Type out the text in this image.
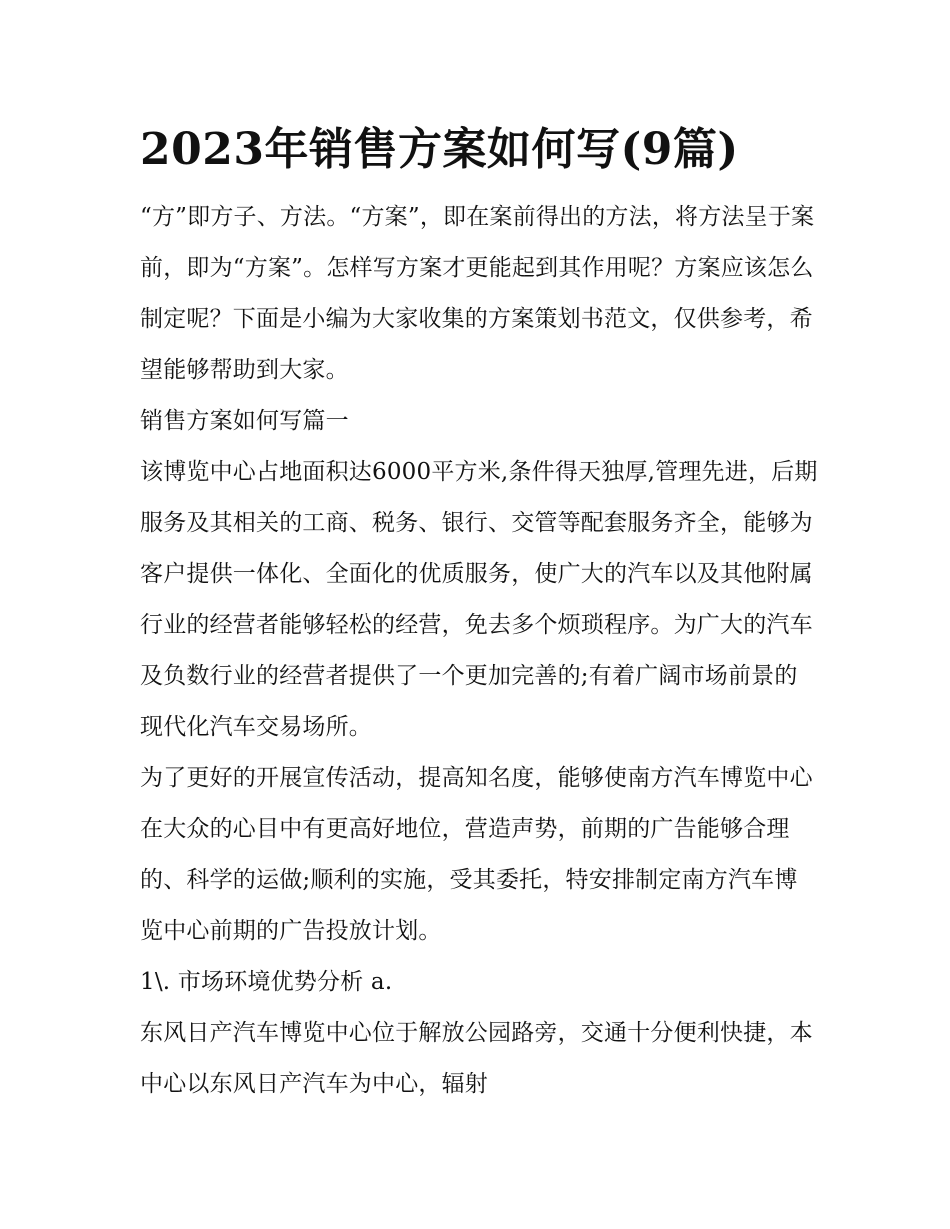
2023年销售方案如何写(9篇)

“方”即方子、方法。“方案”，即在案前得出的方法，将方法呈于案前，即为“方案”。怎样写方案才更能起到其作用呢？方案应该怎么制定呢？下面是小编为大家收集的方案策划书范文，仅供参考，希望能够帮助到大家。

销售方案如何写篇一

该博览中心占地面积达6000平方米,条件得天独厚,管理先进，后期服务及其相关的工商、税务、银行、交管等配套服务齐全，能够为客户提供一体化、全面化的优质服务，使广大的汽车以及其他附属行业的经营者能够轻松的经营，免去多个烦琐程序。为广大的汽车及负数行业的经营者提供了一个更加完善的;有着广阔市场前景的现代化汽车交易场所。

为了更好的开展宣传活动，提高知名度，能够使南方汽车博览中心在大众的心目中有更高好地位，营造声势，前期的广告能够合理的、科学的运做;顺利的实施，受其委托，特安排制定南方汽车博览中心前期的广告投放计划。

1\. 市场环境优势分析 a.

东风日产汽车博览中心位于解放公园路旁，交通十分便利快捷，本中心以东风日产汽车为中心，辐射
